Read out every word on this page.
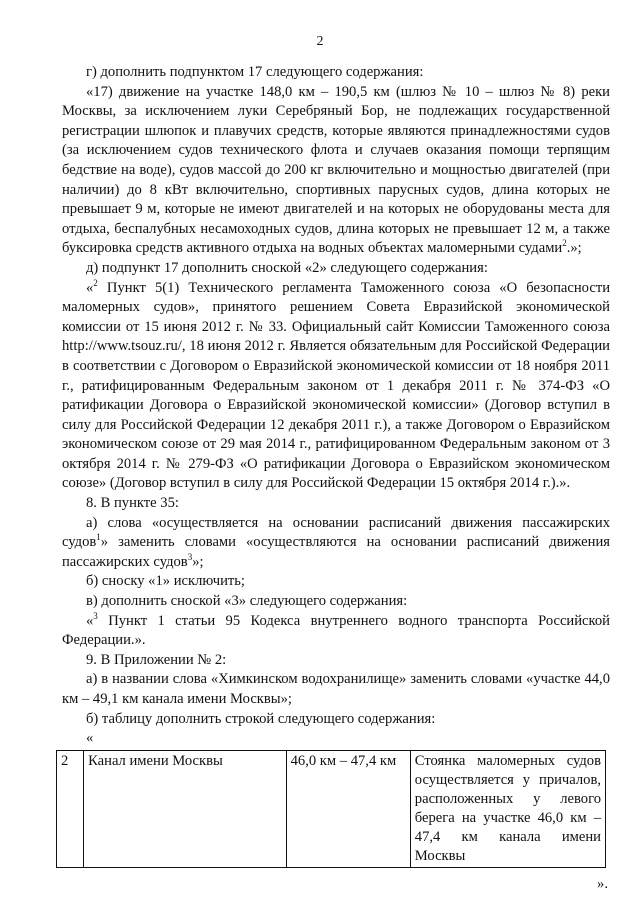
2

г) дополнить подпунктом 17 следующего содержания:

«17) движение на участке 148,0 км – 190,5 км (шлюз № 10 – шлюз № 8) реки Москвы, за исключением луки Серебряный Бор, не подлежащих государственной регистрации шлюпок и плавучих средств, которые являются принадлежностями судов (за исключением судов технического флота и случаев оказания помощи терпящим бедствие на воде), судов массой до 200 кг включительно и мощностью двигателей (при наличии) до 8 кВт включительно, спортивных парусных судов, длина которых не превышает 9 м, которые не имеют двигателей и на которых не оборудованы места для отдыха, беспалубных несамоходных судов, длина которых не превышает 12 м, а также буксировка средств активного отдыха на водных объектах маломерными судами$^2$.»;

д) подпункт 17 дополнить сноской «2» следующего содержания:

«$^2$ Пункт 5(1) Технического регламента Таможенного союза «О безопасности маломерных судов», принятого решением Совета Евразийской экономической комиссии от 15 июня 2012 г. № 33. Официальный сайт Комиссии Таможенного союза http://www.tsouz.ru/, 18 июня 2012 г. Является обязательным для Российской Федерации в соответствии с Договором о Евразийской экономической комиссии от 18 ноября 2011 г., ратифицированным Федеральным законом от 1 декабря 2011 г. № 374-ФЗ «О ратификации Договора о Евразийской экономической комиссии» (Договор вступил в силу для Российской Федерации 12 декабря 2011 г.), а также Договором о Евразийском экономическом союзе от 29 мая 2014 г., ратифицированном Федеральным законом от 3 октября 2014 г. № 279-ФЗ «О ратификации Договора о Евразийском экономическом союзе» (Договор вступил в силу для Российской Федерации 15 октября 2014 г.).».

8. В пункте 35:

а) слова «осуществляется на основании расписаний движения пассажирских судов$^1$» заменить словами «осуществляются на основании расписаний движения пассажирских судов$^3$»;

б) сноску «1» исключить;

в) дополнить сноской «3» следующего содержания:

«$^3$ Пункт 1 статьи 95 Кодекса внутреннего водного транспорта Российской Федерации.».

9. В Приложении № 2:

а) в названии слова «Химкинском водохранилище» заменить словами «участке 44,0 км – 49,1 км канала имени Москвы»;

б) таблицу дополнить строкой следующего содержания:

«

2	Канал имени Москвы	46,0 км – 47,4 км	Стоянка маломерных судов осуществляется у причалов, расположенных у левого берега на участке 46,0 км – 47,4 км канала имени Москвы
».
